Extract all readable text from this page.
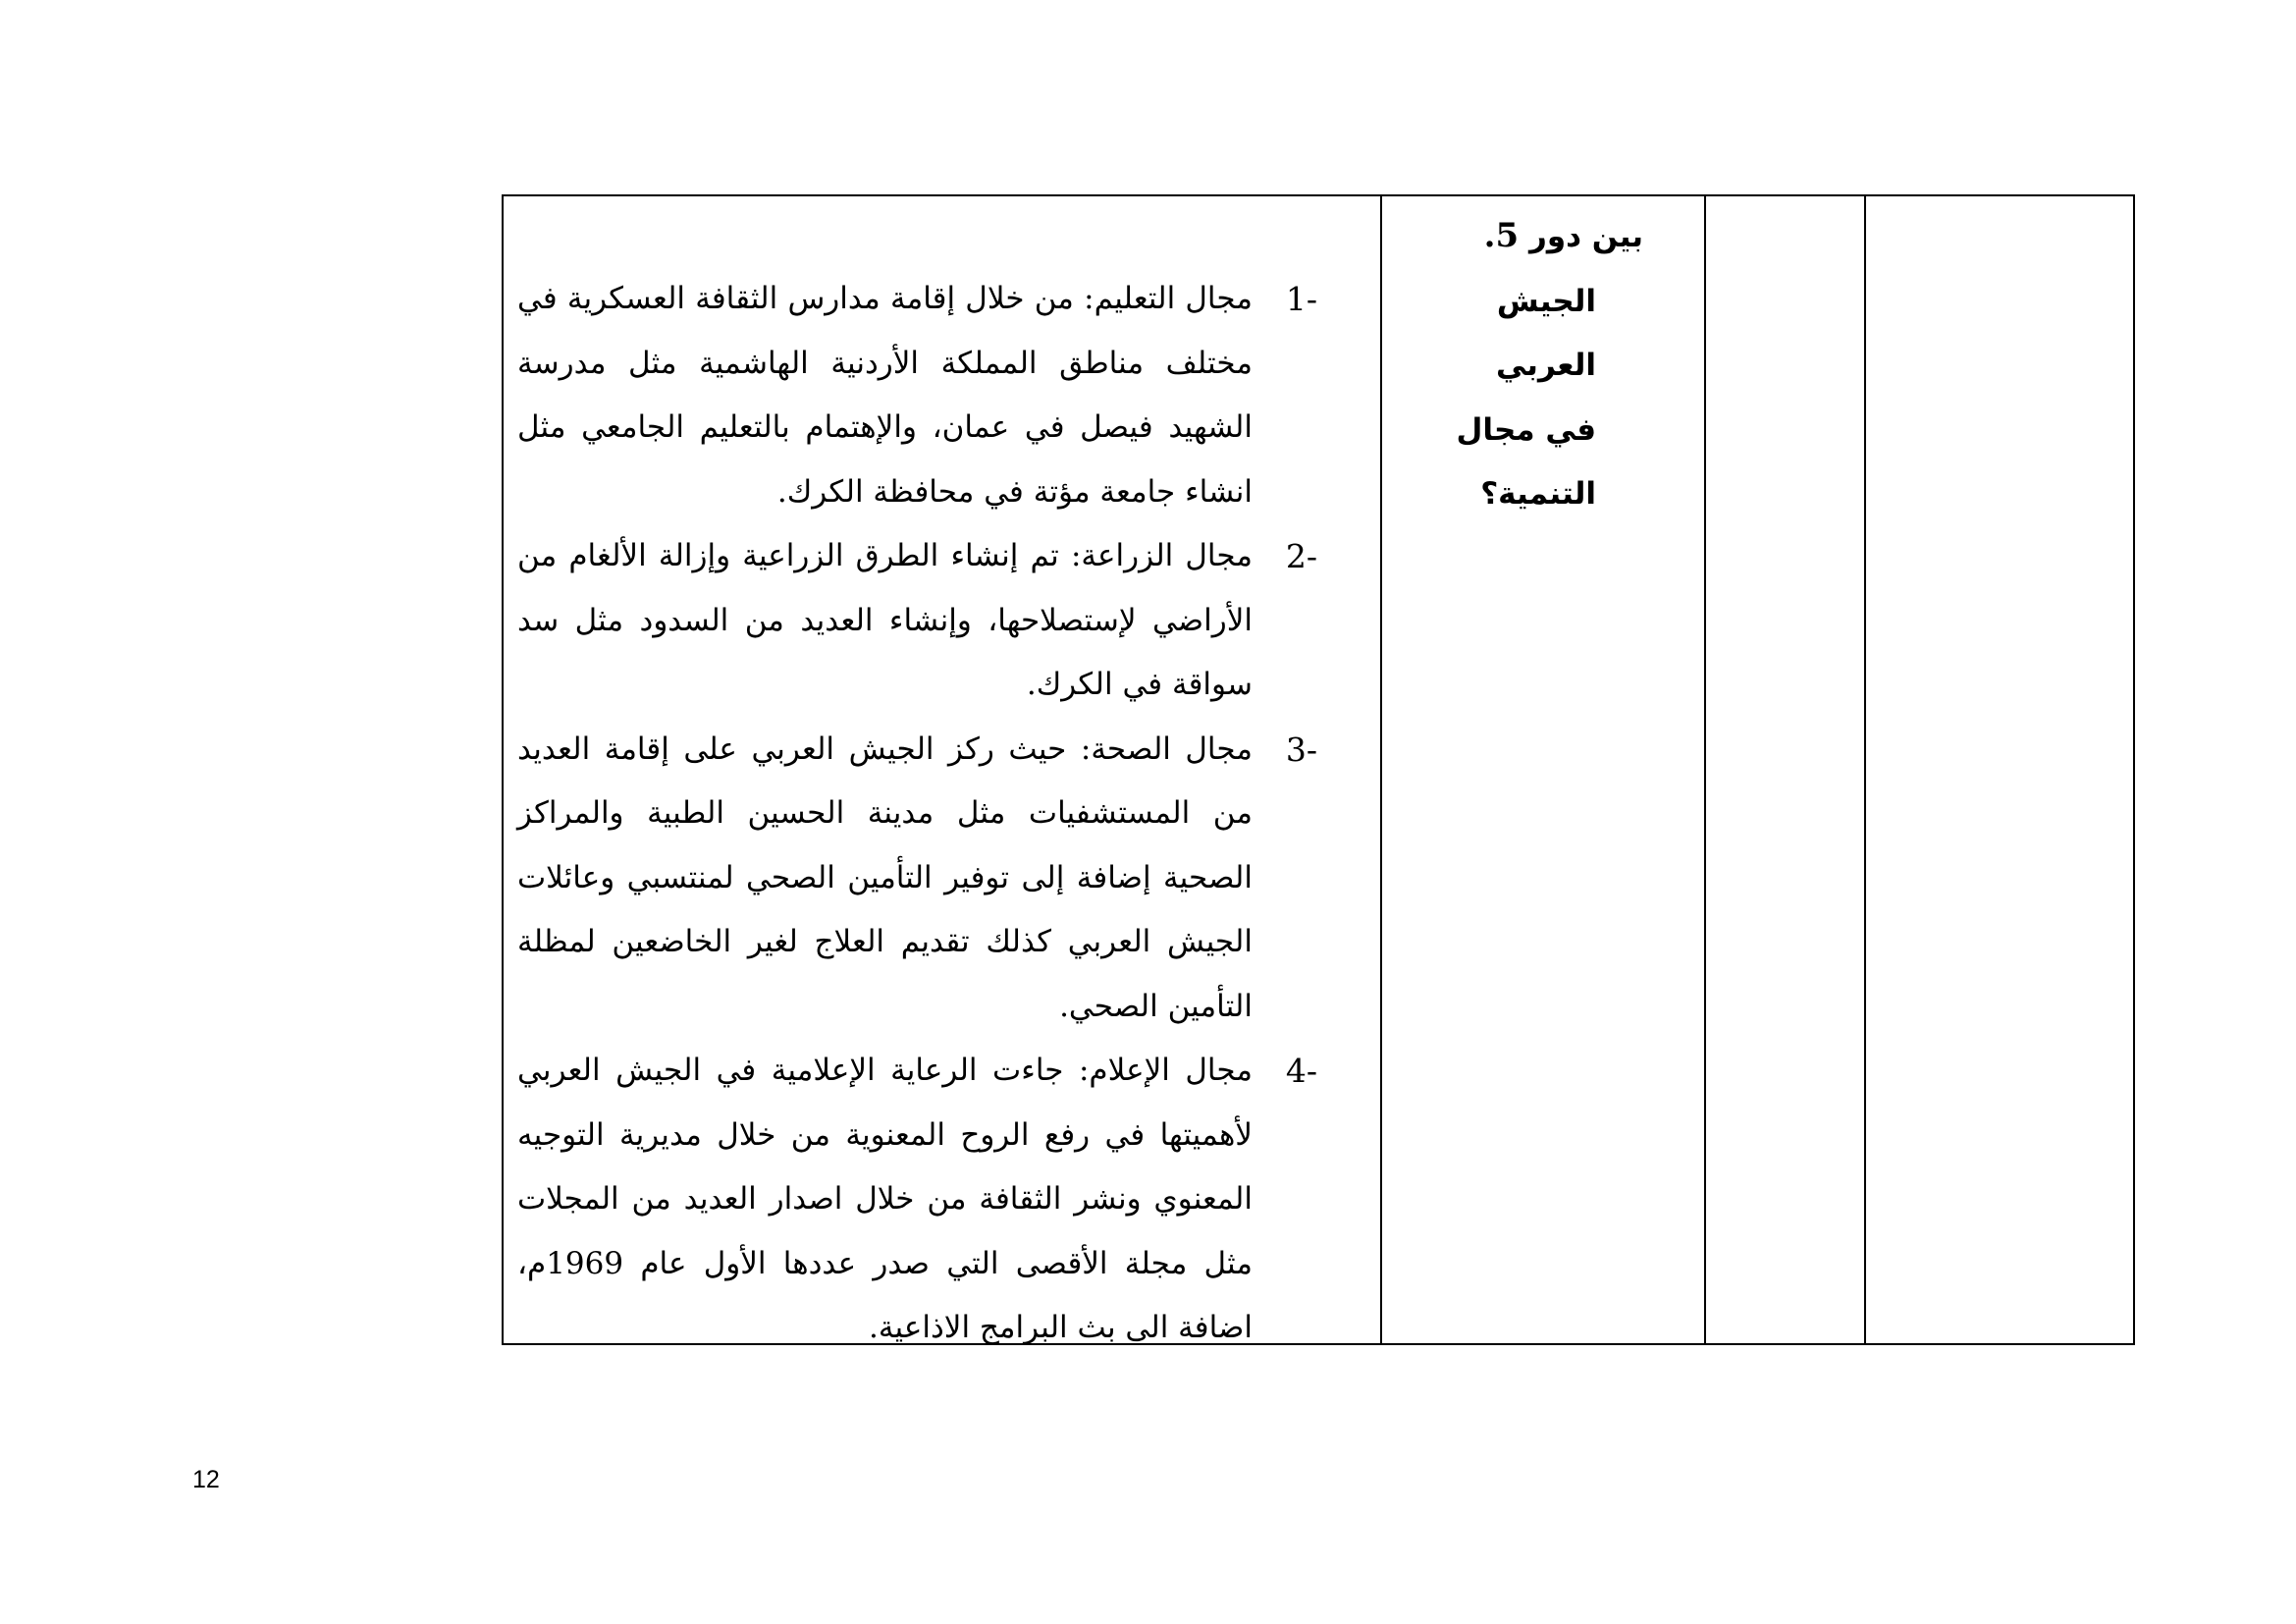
1-
مجال التعليم: من خلال إقامة مدارس الثقافة العسكرية في مختلف مناطق المملكة الأردنية الهاشمية مثل مدرسة الشهيد فيصل في عمان، والإهتمام بالتعليم الجامعي مثل انشاء جامعة مؤتة في محافظة الكرك.
2-
مجال الزراعة: تم إنشاء الطرق الزراعية وإزالة الألغام من الأراضي لإستصلاحها، وإنشاء العديد من السدود مثل سد سواقة في الكرك.
3-
مجال الصحة: حيث ركز الجيش العربي على إقامة العديد من المستشفيات مثل مدينة الحسين الطبية والمراكز الصحية إضافة إلى توفير التأمين الصحي لمنتسبي وعائلات الجيش العربي كذلك تقديم العلاج لغير الخاضعين لمظلة التأمين الصحي.
4-
مجال الإعلام: جاءت الرعاية الإعلامية في الجيش العربي لأهميتها في رفع الروح المعنوية من خلال مديرية التوجيه المعنوي ونشر الثقافة من خلال اصدار العديد من المجلات مثل مجلة الأقصى التي صدر عددها الأول عام 1969م، اضافة الى بث البرامج الاذاعية.
بين دور 5.
الجيش العربي
في مجال
التنمية؟
12
